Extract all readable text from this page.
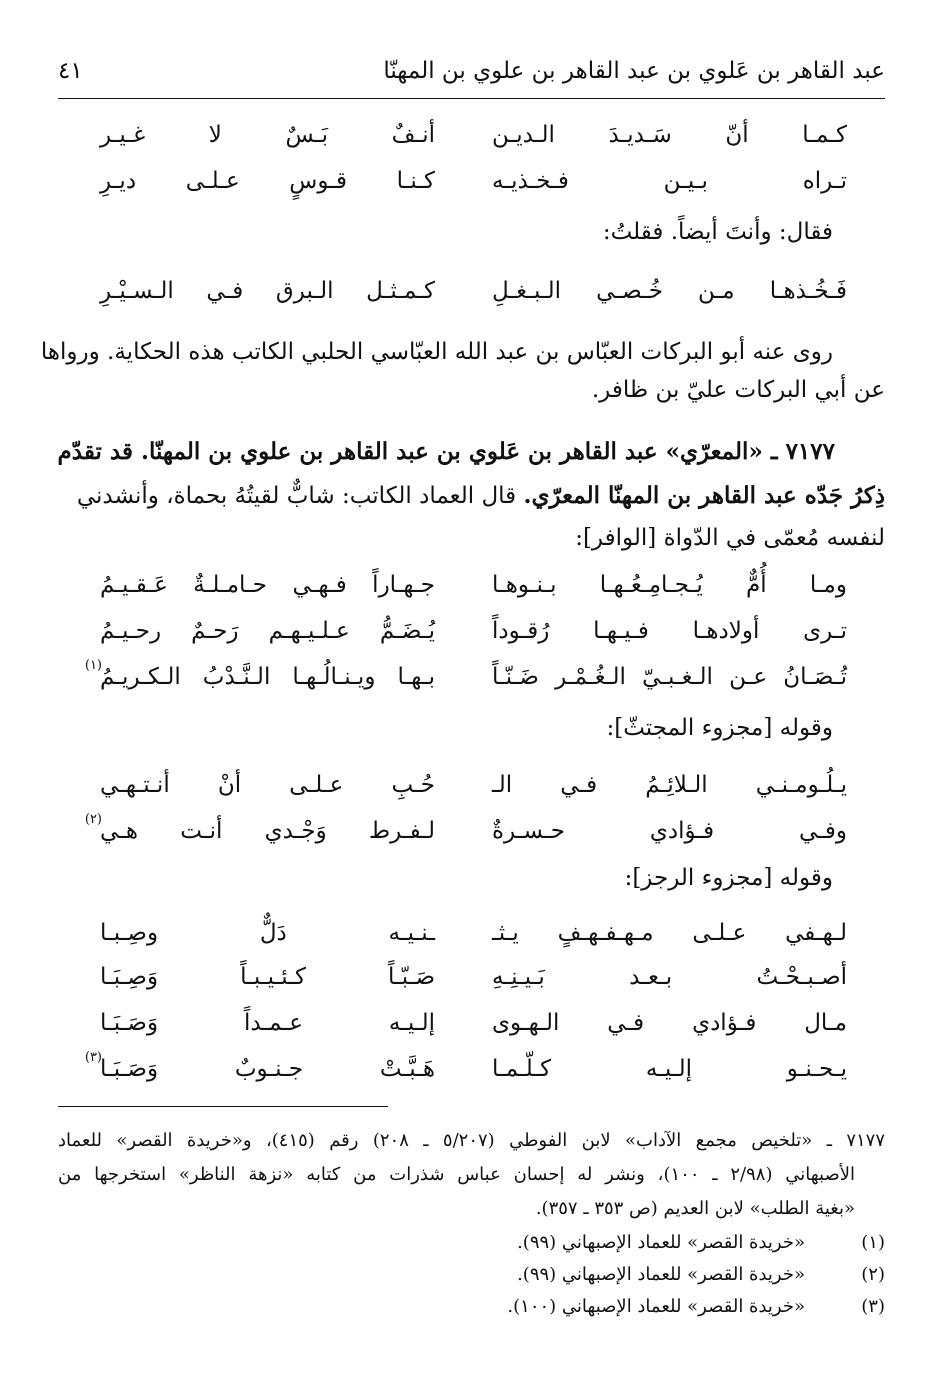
عبد القاهر بن عَلوي بن عبد القاهر بن علوي بن المهنّا
٤١
كـمـا أنّ سَـديـدَ الـديـن
أنـفٌ بَـسٌ لا غـيـر
تـراه بـيـن فـخـذيـه
كـنـا قـوسٍ عـلـى ديـرِ
فقال: وأنتَ أيضاً. فقلتُ:
فَـخُـذهـا مـن خُـصـي الـبـغـلِ
كـمـثـل الـبرق فـي الـسـيْـرِ
روى عنه أبو البركات العبّاس بن عبد الله العبّاسي الحلبي الكاتب هذه الحكاية. ورواها
عن أبي البركات عليّ بن ظافر.
٧١٧٧ ـ «المعرّي» عبد القاهر بن عَلوي بن عبد القاهر بن علوي بن المهنّا. قد تقدّم
ذِكرُ جَدّه عبد القاهر بن المهنّا المعرّي. قال العماد الكاتب: شابٌّ لقيتُهُ بحماة، وأنشدني
لنفسه مُعمّى في الدّواة [الوافر]:
ومـا أُمٌّ يُـجـامِـعُـهـا بـنـوهـا
جـهـاراً فـهـي حـامـلـةٌ عَـقـيـمُ
تـرى أولادهـا فـيـهـا رُقـوداً
يُـضَـمُّ عـلـيـهـم رَحـمٌ رحـيـمُ
تُـصَـانُ عـن الـغـبـيّ الـغُـمْـر ضَـنّـاً
بـهـا ويـنـالُـهـا الـنَّـدْبُ الـكـريـمُ
(١)
وقوله [مجزوء المجتثّ]:
يـلُـومـنـي الـلائِـمُ فـي الـ
حُـبِ عـلـى أنْ أنـتـهـي
وفـي فـؤادي حـسـرةٌ
لـفـرط وَجْـدي أنـت هـي
(٢)
وقوله [مجزوء الرجز]:
لـهـفي عـلـى مـهـفـهـفٍ يـثـ
ـنـيـه دَلٌّ وصِـبـا
أصـبـحْـتُ بـعـد بَـيـنِـهِ
صَـبّـاً كـئـيـبـاً وَصِـبَـا
مـال فـؤادي فـي الـهـوى
إلـيـه عـمـداً وَصَـبَـا
يـحـنـو إلـيـه كـلّـمـا
هَـبَّـتْ جـنـوبٌ وَصَـبَـا
(٣)
٧١٧٧ ـ «تلخيص مجمع الآداب» لابن الفوطي (٥/٢٠٧ ـ ٢٠٨) رقم (٤١٥)، و«خريدة القصر» للعماد
الأصبهاني (٢/٩٨ ـ ١٠٠)، ونشر له إحسان عباس شذرات من كتابه «نزهة الناظر» استخرجها من
«بغية الطلب» لابن العديم (ص ٣٥٣ ـ ٣٥٧).
(١)
«خريدة القصر» للعماد الإصبهاني (٩٩).
(٢)
«خريدة القصر» للعماد الإصبهاني (٩٩).
(٣)
«خريدة القصر» للعماد الإصبهاني (١٠٠).
